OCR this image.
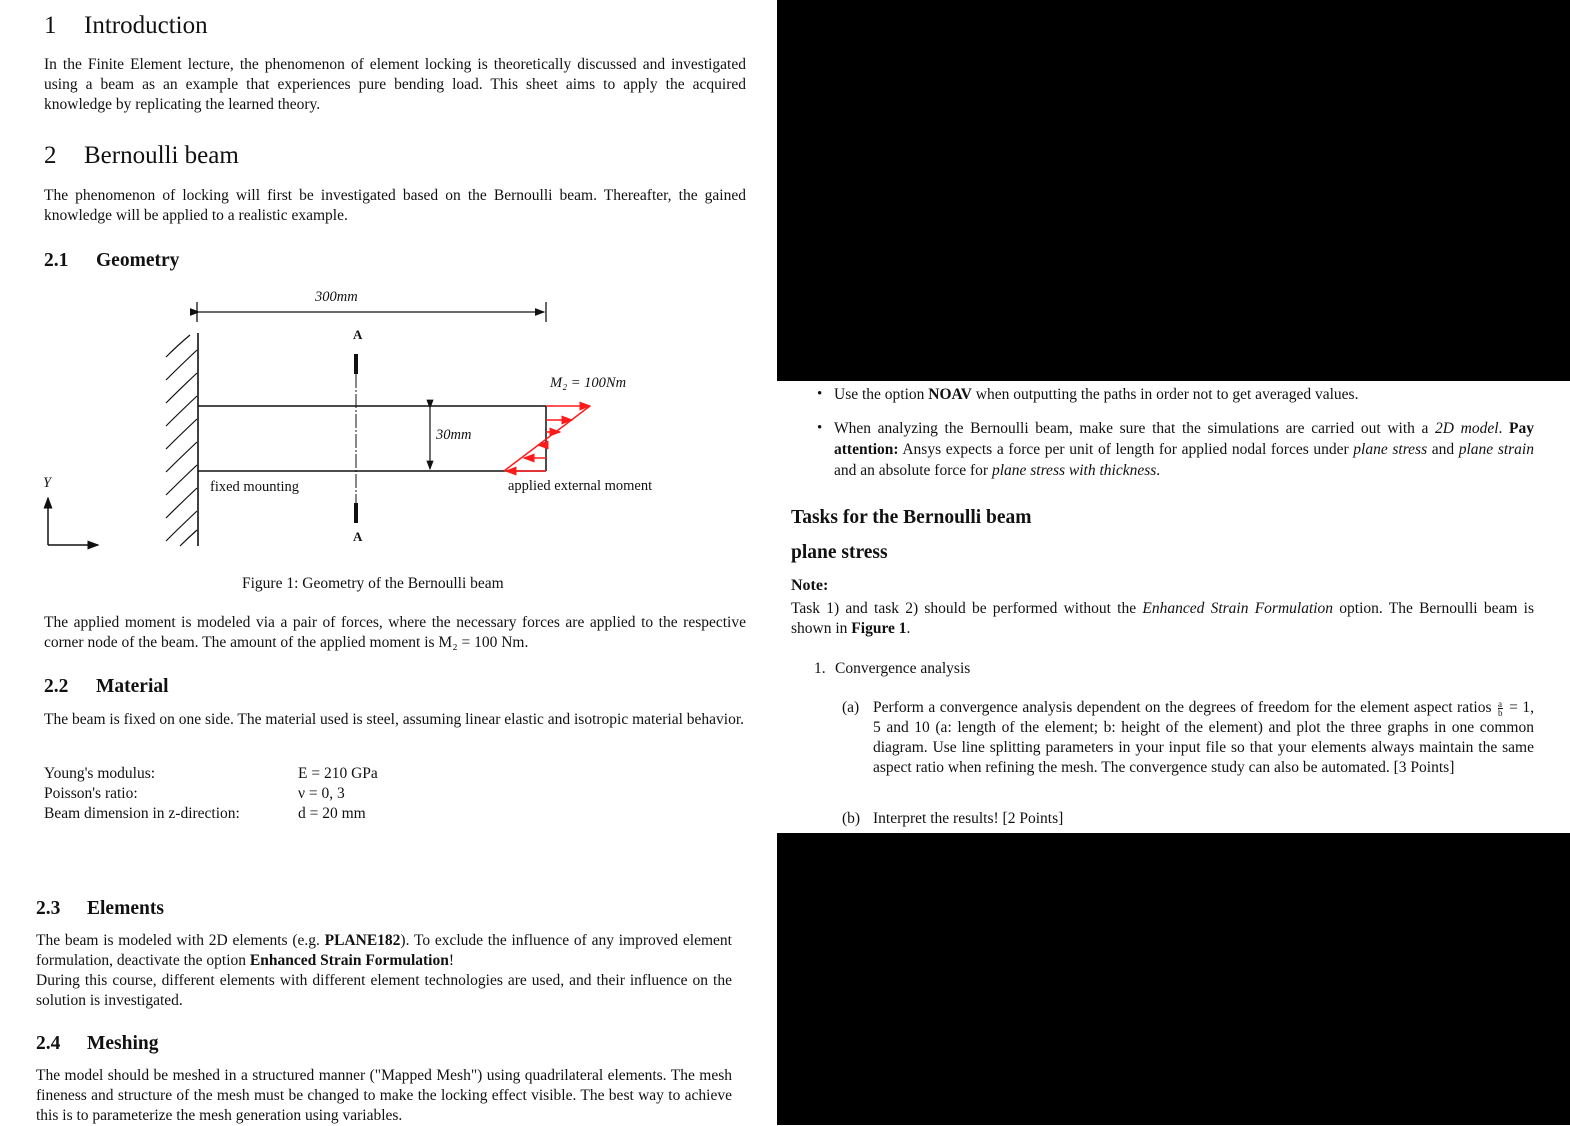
1 Introduction
In the Finite Element lecture, the phenomenon of element locking is theoretically discussed and investigated using a beam as an example that experiences pure bending load. This sheet aims to apply the acquired knowledge by replicating the learned theory.
2 Bernoulli beam
The phenomenon of locking will first be investigated based on the Bernoulli beam. Thereafter, the gained knowledge will be applied to a realistic example.
2.1 Geometry
300mm
A
A
M₂ = 100Nm
30mm
fixed mounting	applied external moment
Y
Figure 1: Geometry of the Bernoulli beam
The applied moment is modeled via a pair of forces, where the necessary forces are applied to the respective corner node of the beam. The amount of the applied moment is M₂ = 100 Nm.
2.2 Material
The beam is fixed on one side. The material used is steel, assuming linear elastic and isotropic material behavior.
Young's modulus:	E = 210 GPa
Poisson's ratio:	ν = 0, 3
Beam dimension in z-direction:	d = 20 mm
2.3 Elements
The beam is modeled with 2D elements (e.g. PLANE182). To exclude the influence of any improved element formulation, deactivate the option Enhanced Strain Formulation!
During this course, different elements with different element technologies are used, and their influence on the solution is investigated.
2.4 Meshing
The model should be meshed in a structured manner ("Mapped Mesh") using quadrilateral elements. The mesh fineness and structure of the mesh must be changed to make the locking effect visible. The best way to achieve this is to parameterize the mesh generation using variables.
• Use the option NOAV when outputting the paths in order not to get averaged values.
• When analyzing the Bernoulli beam, make sure that the simulations are carried out with a 2D model. Pay attention: Ansys expects a force per unit of length for applied nodal forces under plane stress and plane strain and an absolute force for plane stress with thickness.
Tasks for the Bernoulli beam
plane stress
Note:
Task 1) and task 2) should be performed without the Enhanced Strain Formulation option. The Bernoulli beam is shown in Figure 1.
1. Convergence analysis
(a) Perform a convergence analysis dependent on the degrees of freedom for the element aspect ratios $\frac{a}{b} = 1$, 5 and 10 (a: length of the element; b: height of the element) and plot the three graphs in one common diagram. Use line splitting parameters in your input file so that your elements always maintain the same aspect ratio when refining the mesh. The convergence study can also be automated. [3 Points]
(b) Interpret the results! [2 Points]
